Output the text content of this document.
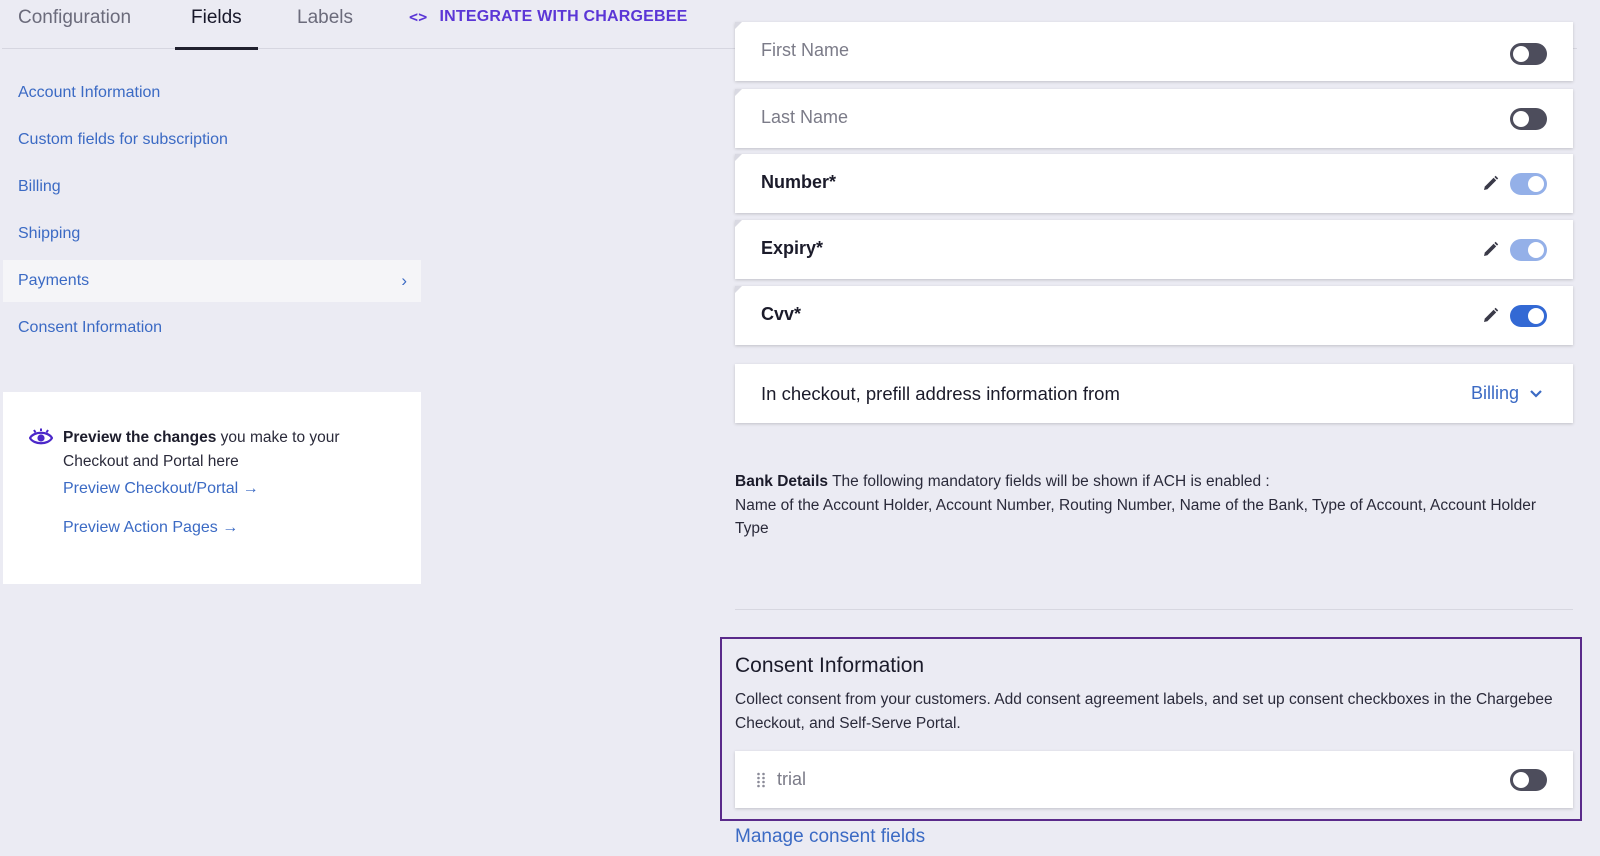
Configuration	Fields	Labels	<> INTEGRATE WITH CHARGEBEE
Account Information
Custom fields for subscription
Billing
Shipping
Payments	›
Consent Information
Preview the changes you make to your Checkout and Portal here
Preview Checkout/Portal →
Preview Action Pages →
First Name
Last Name
Number*
Expiry*
Cvv*
In checkout, prefill address information from	Billing
Bank Details The following mandatory fields will be shown if ACH is enabled :
Name of the Account Holder, Account Number, Routing Number, Name of the Bank, Type of Account, Account Holder Type
Consent Information
Collect consent from your customers. Add consent agreement labels, and set up consent checkboxes in the Chargebee Checkout, and Self-Serve Portal.
trial
Manage consent fields
